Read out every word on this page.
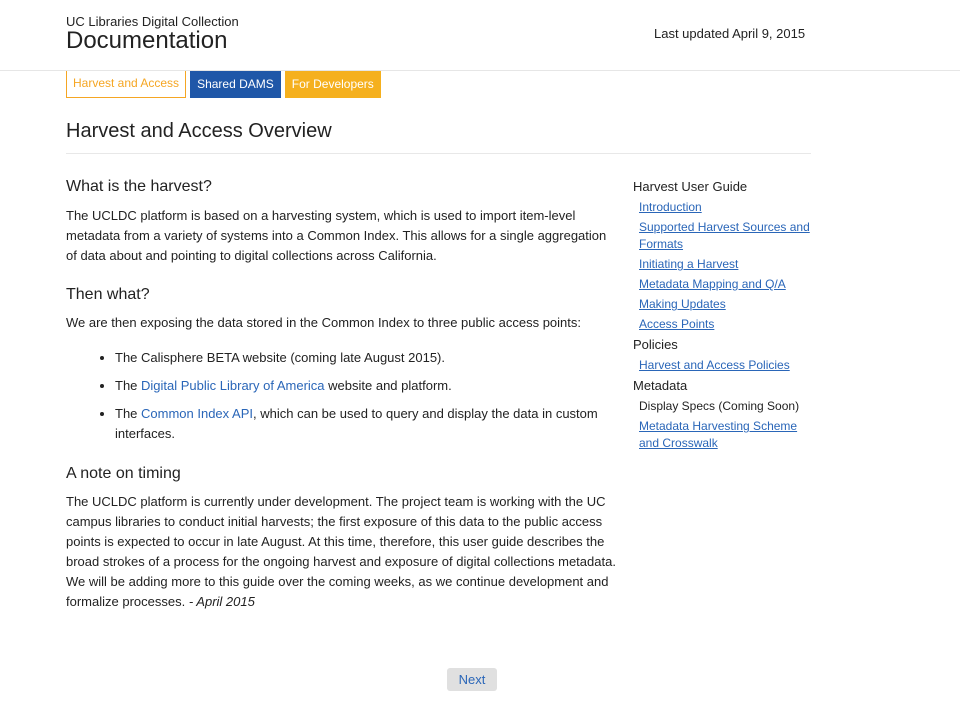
UC Libraries Digital Collection
Documentation	Last updated April 9, 2015
Harvest and Access	Shared DAMS	For Developers
Harvest and Access Overview
What is the harvest?

The UCLDC platform is based on a harvesting system, which is used to import item-level metadata from a variety of systems into a Common Index. This allows for a single aggregation of data about and pointing to digital collections across California.

Then what?

We are then exposing the data stored in the Common Index to three public access points:

• The Calisphere BETA website (coming late August 2015).
• The Digital Public Library of America website and platform.
• The Common Index API, which can be used to query and display the data in custom interfaces.
A note on timing

The UCLDC platform is currently under development. The project team is working with the UC campus libraries to conduct initial harvests; the first exposure of this data to the public access points is expected to occur in late August. At this time, therefore, this user guide describes the broad strokes of a process for the ongoing harvest and exposure of digital collections metadata. We will be adding more to this guide over the coming weeks, as we continue development and formalize processes. - April 2015

Harvest User Guide
Introduction
Supported Harvest Sources and Formats
Initiating a Harvest
Metadata Mapping and Q/A
Making Updates
Access Points
Policies
Harvest and Access Policies
Metadata
Display Specs (Coming Soon)
Metadata Harvesting Scheme and Crosswalk
Next
